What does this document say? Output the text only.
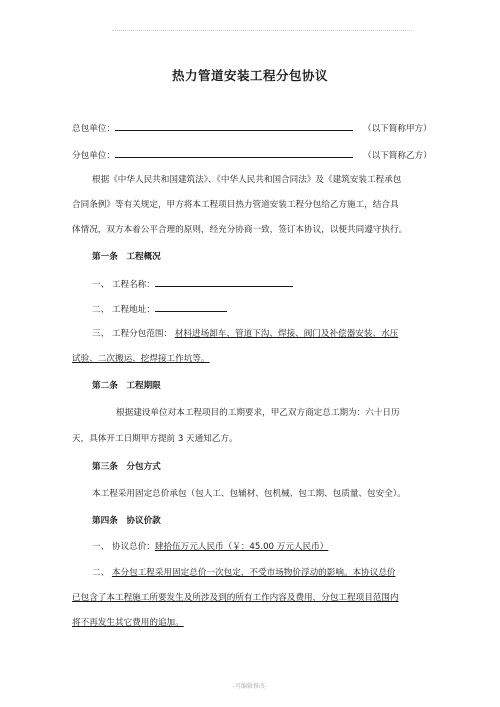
热力管道安装工程分包协议
总包单位：	（以下简称甲方）
分包单位：	（以下简称乙方）
根据《中华人民共和国建筑法》、《中华人民共和国合同法》及《建筑安装工程承包
合同条例》等有关规定，甲方将本工程项目热力管道安装工程分包给乙方施工，结合具
体情况，双方本着公平合理的原则，经充分协商一致，签订本协议，以便共同遵守执行。
第一条　工程概况
一、 工程名称：
二、 工程地址：
三、 工程分包范围： 材料进场卸车、管道下沟、焊接、阀门及补偿器安装、水压
试验、二次搬运、挖焊接工作坑等。
第二条　工程期限
根据建设单位对本工程项目的工期要求，甲乙双方商定总工期为：六十日历
天，具体开工日期甲方提前 3 天通知乙方。
第三条　分包方式
本工程采用固定总价承包（包人工、包辅材、包机械、包工期、包质量、包安全）。
第四条　协议价款
一、 协议总价：肆拾伍万元人民币（￥：45.00 万元人民币）
二、 本分包工程采用固定总价一次包定，不受市场物价浮动的影响。本协议总价
已包含了本工程施工所要发生及所涉及到的所有工作内容及费用，分包工程项目范围内
将不再发生其它费用的追加。
-可编辑修改-
